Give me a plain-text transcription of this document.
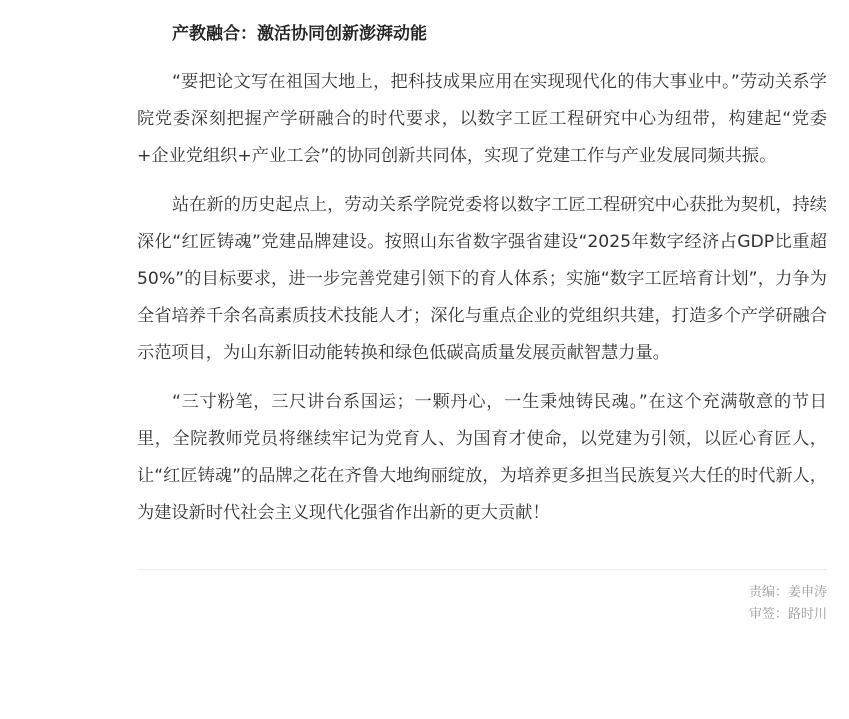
产教融合：激活协同创新澎湃动能

“要把论文写在祖国大地上，把科技成果应用在实现现代化的伟大事业中。”劳动关系学院党委深刻把握产学研融合的时代要求，以数字工匠工程研究中心为纽带，构建起“党委+企业党组织+产业工会”的协同创新共同体，实现了党建工作与产业发展同频共振。

站在新的历史起点上，劳动关系学院党委将以数字工匠工程研究中心获批为契机，持续深化“红匠铸魂”党建品牌建设。按照山东省数字强省建设“2025年数字经济占GDP比重超50%”的目标要求，进一步完善党建引领下的育人体系；实施“数字工匠培育计划”，力争为全省培养千余名高素质技术技能人才；深化与重点企业的党组织共建，打造多个产学研融合示范项目，为山东新旧动能转换和绿色低碳高质量发展贡献智慧力量。

“三寸粉笔，三尺讲台系国运；一颗丹心，一生秉烛铸民魂。”在这个充满敬意的节日里，全院教师党员将继续牢记为党育人、为国育才使命，以党建为引领，以匠心育匠人，让“红匠铸魂”的品牌之花在齐鲁大地绚丽绽放，为培养更多担当民族复兴大任的时代新人，为建设新时代社会主义现代化强省作出新的更大贡献！

责编：姜申涛
审签：路时川
